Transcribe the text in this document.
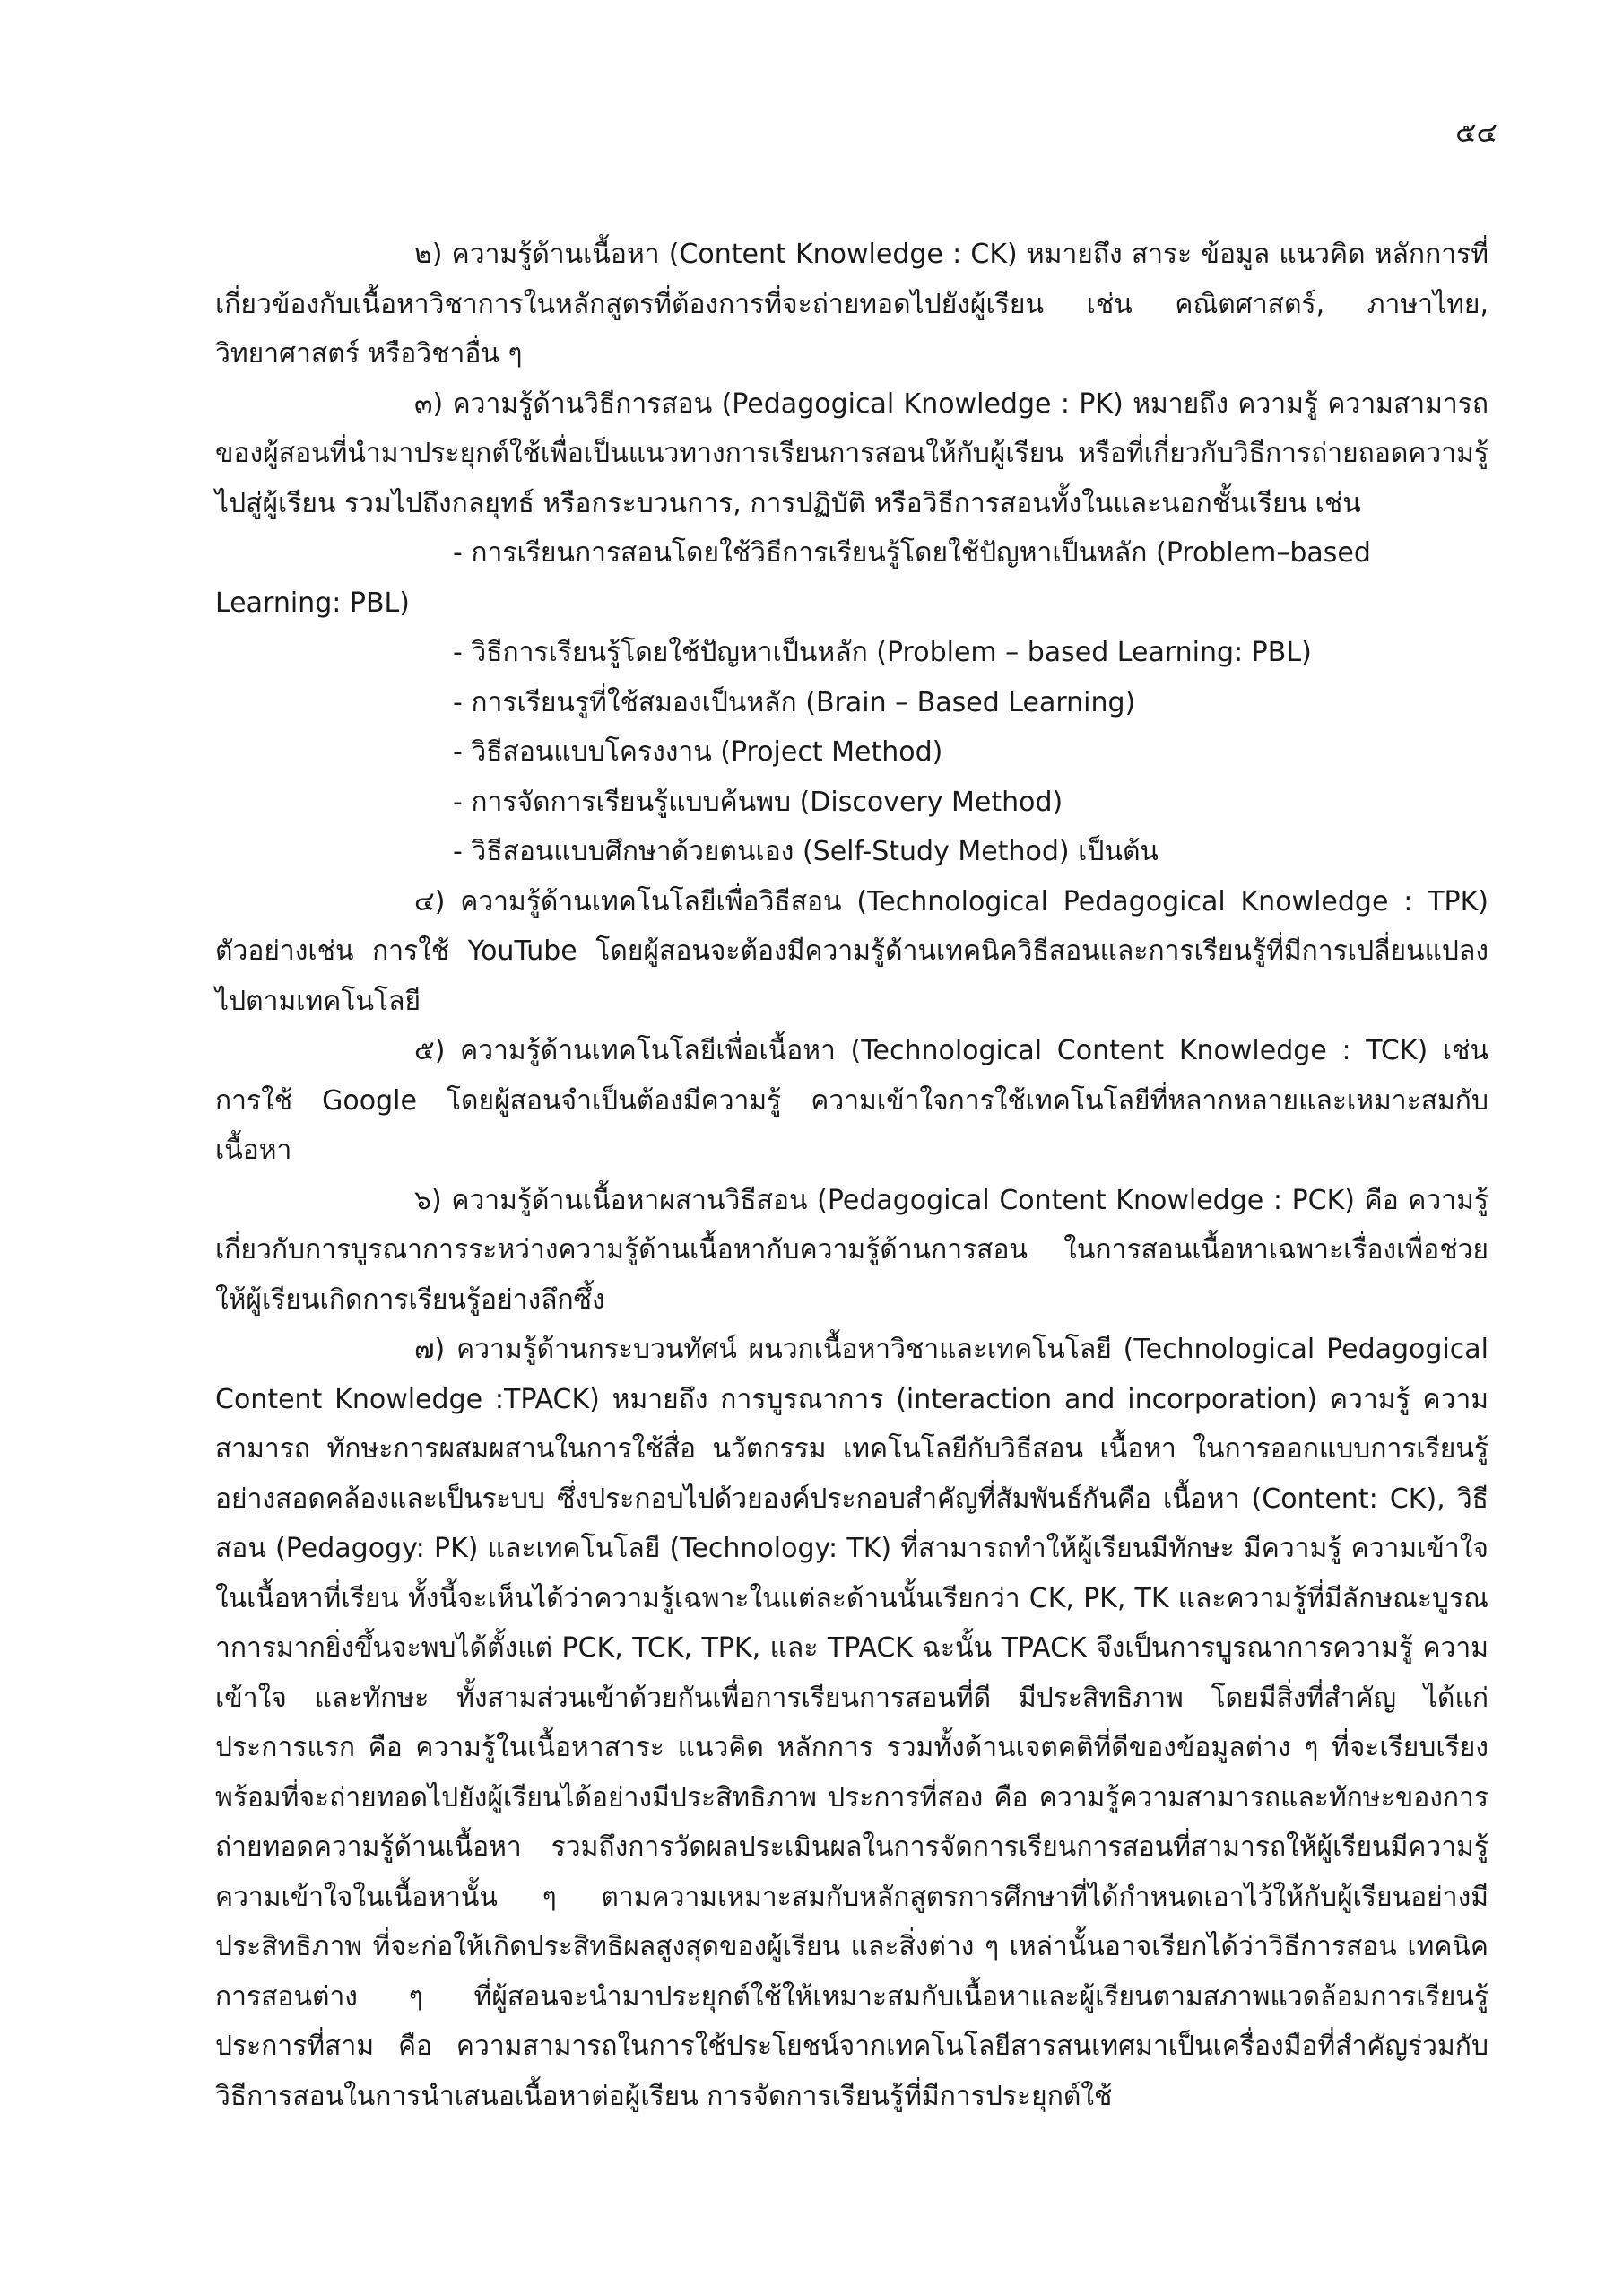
๕๔

๒) ความรู้ด้านเนื้อหา (Content Knowledge : CK) หมายถึง สาระ ข้อมูล แนวคิด หลักการที่เกี่ยวข้องกับเนื้อหาวิชาการในหลักสูตรที่ต้องการที่จะถ่ายทอดไปยังผู้เรียน เช่น คณิตศาสตร์, ภาษาไทย, วิทยาศาสตร์ หรือวิชาอื่น ๆ

๓) ความรู้ด้านวิธีการสอน (Pedagogical Knowledge : PK) หมายถึง ความรู้ ความสามารถของผู้สอนที่นำมาประยุกต์ใช้เพื่อเป็นแนวทางการเรียนการสอนให้กับผู้เรียน หรือที่เกี่ยวกับวิธีการถ่ายถอดความรู้ไปสู่ผู้เรียน รวมไปถึงกลยุทธ์ หรือกระบวนการ, การปฏิบัติ หรือวิธีการสอนทั้งในและนอกชั้นเรียน เช่น

- การเรียนการสอนโดยใช้วิธีการเรียนรู้โดยใช้ปัญหาเป็นหลัก (Problem–based Learning: PBL)

- วิธีการเรียนรู้โดยใช้ปัญหาเป็นหลัก (Problem – based Learning: PBL)

- การเรียนรูที่ใช้สมองเป็นหลัก (Brain – Based Learning)

- วิธีสอนแบบโครงงาน (Project Method)

- การจัดการเรียนรู้แบบค้นพบ (Discovery Method)

- วิธีสอนแบบศึกษาด้วยตนเอง (Self-Study Method) เป็นต้น

๔) ความรู้ด้านเทคโนโลยีเพื่อวิธีสอน (Technological Pedagogical Knowledge : TPK) ตัวอย่างเช่น การใช้ YouTube โดยผู้สอนจะต้องมีความรู้ด้านเทคนิควิธีสอนและการเรียนรู้ที่มีการเปลี่ยนแปลงไปตามเทคโนโลยี

๕) ความรู้ด้านเทคโนโลยีเพื่อเนื้อหา (Technological Content Knowledge : TCK) เช่น การใช้ Google โดยผู้สอนจำเป็นต้องมีความรู้ ความเข้าใจการใช้เทคโนโลยีที่หลากหลายและเหมาะสมกับเนื้อหา

๖) ความรู้ด้านเนื้อหาผสานวิธีสอน (Pedagogical Content Knowledge : PCK) คือ ความรู้เกี่ยวกับการบูรณาการระหว่างความรู้ด้านเนื้อหากับความรู้ด้านการสอน ในการสอนเนื้อหาเฉพาะเรื่องเพื่อช่วยให้ผู้เรียนเกิดการเรียนรู้อย่างลึกซึ้ง

๗) ความรู้ด้านกระบวนทัศน์ ผนวกเนื้อหาวิชาและเทคโนโลยี (Technological Pedagogical Content Knowledge :TPACK) หมายถึง การบูรณาการ (interaction and incorporation) ความรู้ ความสามารถ ทักษะการผสมผสานในการใช้สื่อ นวัตกรรม เทคโนโลยีกับวิธีสอน เนื้อหา ในการออกแบบการเรียนรู้อย่างสอดคล้องและเป็นระบบ ซึ่งประกอบไปด้วยองค์ประกอบสำคัญที่สัมพันธ์กันคือ เนื้อหา (Content: CK), วิธีสอน (Pedagogy: PK) และเทคโนโลยี (Technology: TK) ที่สามารถทำให้ผู้เรียนมีทักษะ มีความรู้ ความเข้าใจในเนื้อหาที่เรียน ทั้งนี้จะเห็นได้ว่าความรู้เฉพาะในแต่ละด้านนั้นเรียกว่า CK, PK, TK และความรู้ที่มีลักษณะบูรณาการมากยิ่งขึ้นจะพบได้ตั้งแต่ PCK, TCK, TPK, และ TPACK ฉะนั้น TPACK จึงเป็นการบูรณาการความรู้ ความเข้าใจ และทักษะ ทั้งสามส่วนเข้าด้วยกันเพื่อการเรียนการสอนที่ดี มีประสิทธิภาพ โดยมีสิ่งที่สำคัญ ได้แก่ ประการแรก คือ ความรู้ในเนื้อหาสาระ แนวคิด หลักการ รวมทั้งด้านเจตคติที่ดีของข้อมูลต่าง ๆ ที่จะเรียบเรียงพร้อมที่จะถ่ายทอดไปยังผู้เรียนได้อย่างมีประสิทธิภาพ ประการที่สอง คือ ความรู้ความสามารถและทักษะของการถ่ายทอดความรู้ด้านเนื้อหา รวมถึงการวัดผลประเมินผลในการจัดการเรียนการสอนที่สามารถให้ผู้เรียนมีความรู้ ความเข้าใจในเนื้อหานั้น ๆ ตามความเหมาะสมกับหลักสูตรการศึกษาที่ได้กำหนดเอาไว้ให้กับผู้เรียนอย่างมีประสิทธิภาพ ที่จะก่อให้เกิดประสิทธิผลสูงสุดของผู้เรียน และสิ่งต่าง ๆ เหล่านั้นอาจเรียกได้ว่าวิธีการสอน เทคนิคการสอนต่าง ๆ ที่ผู้สอนจะนำมาประยุกต์ใช้ให้เหมาะสมกับเนื้อหาและผู้เรียนตามสภาพแวดล้อมการเรียนรู้ ประการที่สาม คือ ความสามารถในการใช้ประโยชน์จากเทคโนโลยีสารสนเทศมาเป็นเครื่องมือที่สำคัญร่วมกับวิธีการสอนในการนำเสนอเนื้อหาต่อผู้เรียน การจัดการเรียนรู้ที่มีการประยุกต์ใช้
